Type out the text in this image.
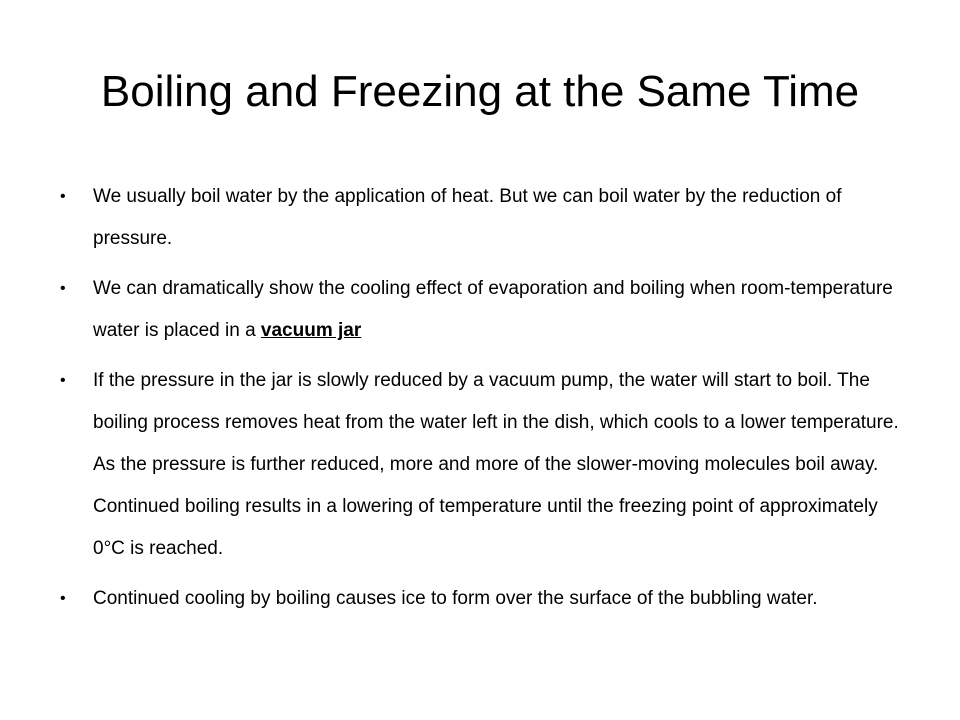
Boiling and Freezing at the Same Time
•	We usually boil water by the application of heat. But we can boil water by the reduction of pressure.
•	We can dramatically show the cooling effect of evaporation and boiling when room-temperature water is placed in a vacuum jar
•	If the pressure in the jar is slowly reduced by a vacuum pump, the water will start to boil. The boiling process removes heat from the water left in the dish, which cools to a lower temperature. As the pressure is further reduced, more and more of the slower-moving molecules boil away. Continued boiling results in a lowering of temperature until the freezing point of approximately 0°C is reached.
•	Continued cooling by boiling causes ice to form over the surface of the bubbling water.
